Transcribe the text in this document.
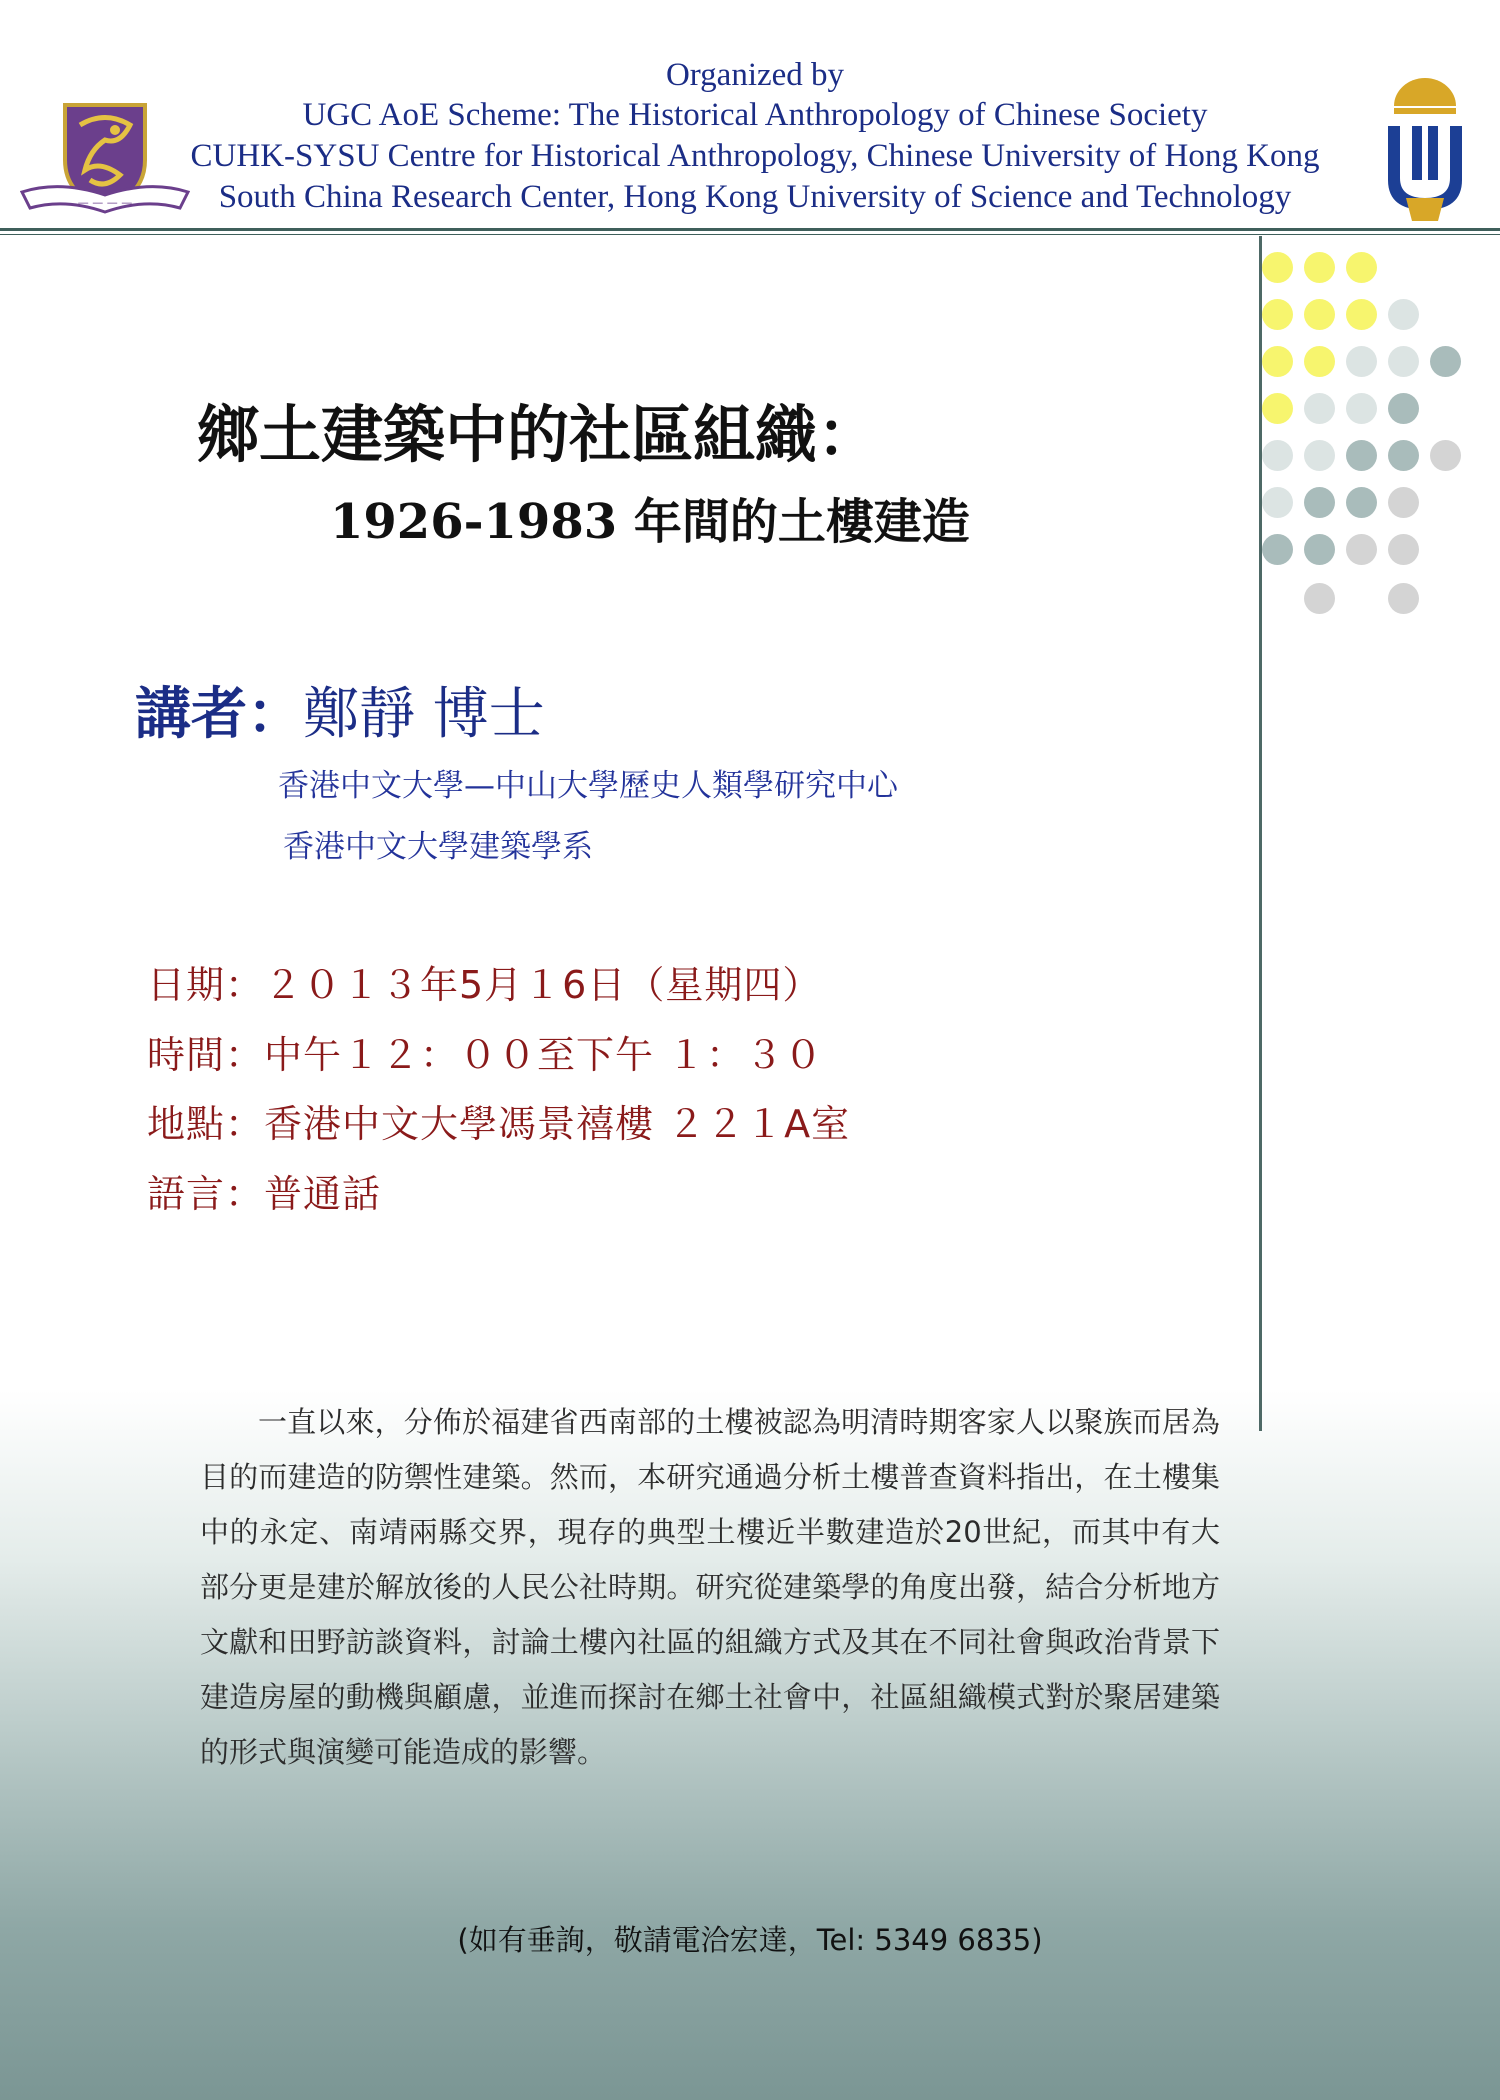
Organized by
UGC AoE Scheme: The Historical Anthropology of Chinese Society
CUHK-SYSU Centre for Historical Anthropology, Chinese University of Hong Kong
South China Research Center, Hong Kong University of Science and Technology
— — — —
鄉土建築中的社區組織：
1926-1983 年間的土樓建造
講者：鄭靜 博士
香港中文大學—中山大學歷史人類學研究中心
香港中文大學建築學系
日期：２０１３年5月１6日（星期四）
時間：中午１２：００至下午 １：３０
地點：香港中文大學馮景禧樓 ２２１A室
語言：普通話
一直以來，分佈於福建省西南部的土樓被認為明清時期客家人以聚族而居為目的而建造的防禦性建築。然而，本研究通過分析土樓普查資料指出，在土樓集中的永定、南靖兩縣交界，現存的典型土樓近半數建造於20世紀，而其中有大部分更是建於解放後的人民公社時期。研究從建築學的角度出發，結合分析地方文獻和田野訪談資料，討論土樓內社區的組織方式及其在不同社會與政治背景下建造房屋的動機與顧慮，並進而探討在鄉土社會中，社區組織模式對於聚居建築的形式與演變可能造成的影響。
(如有垂詢，敬請電洽宏達，Tel: 5349 6835)
